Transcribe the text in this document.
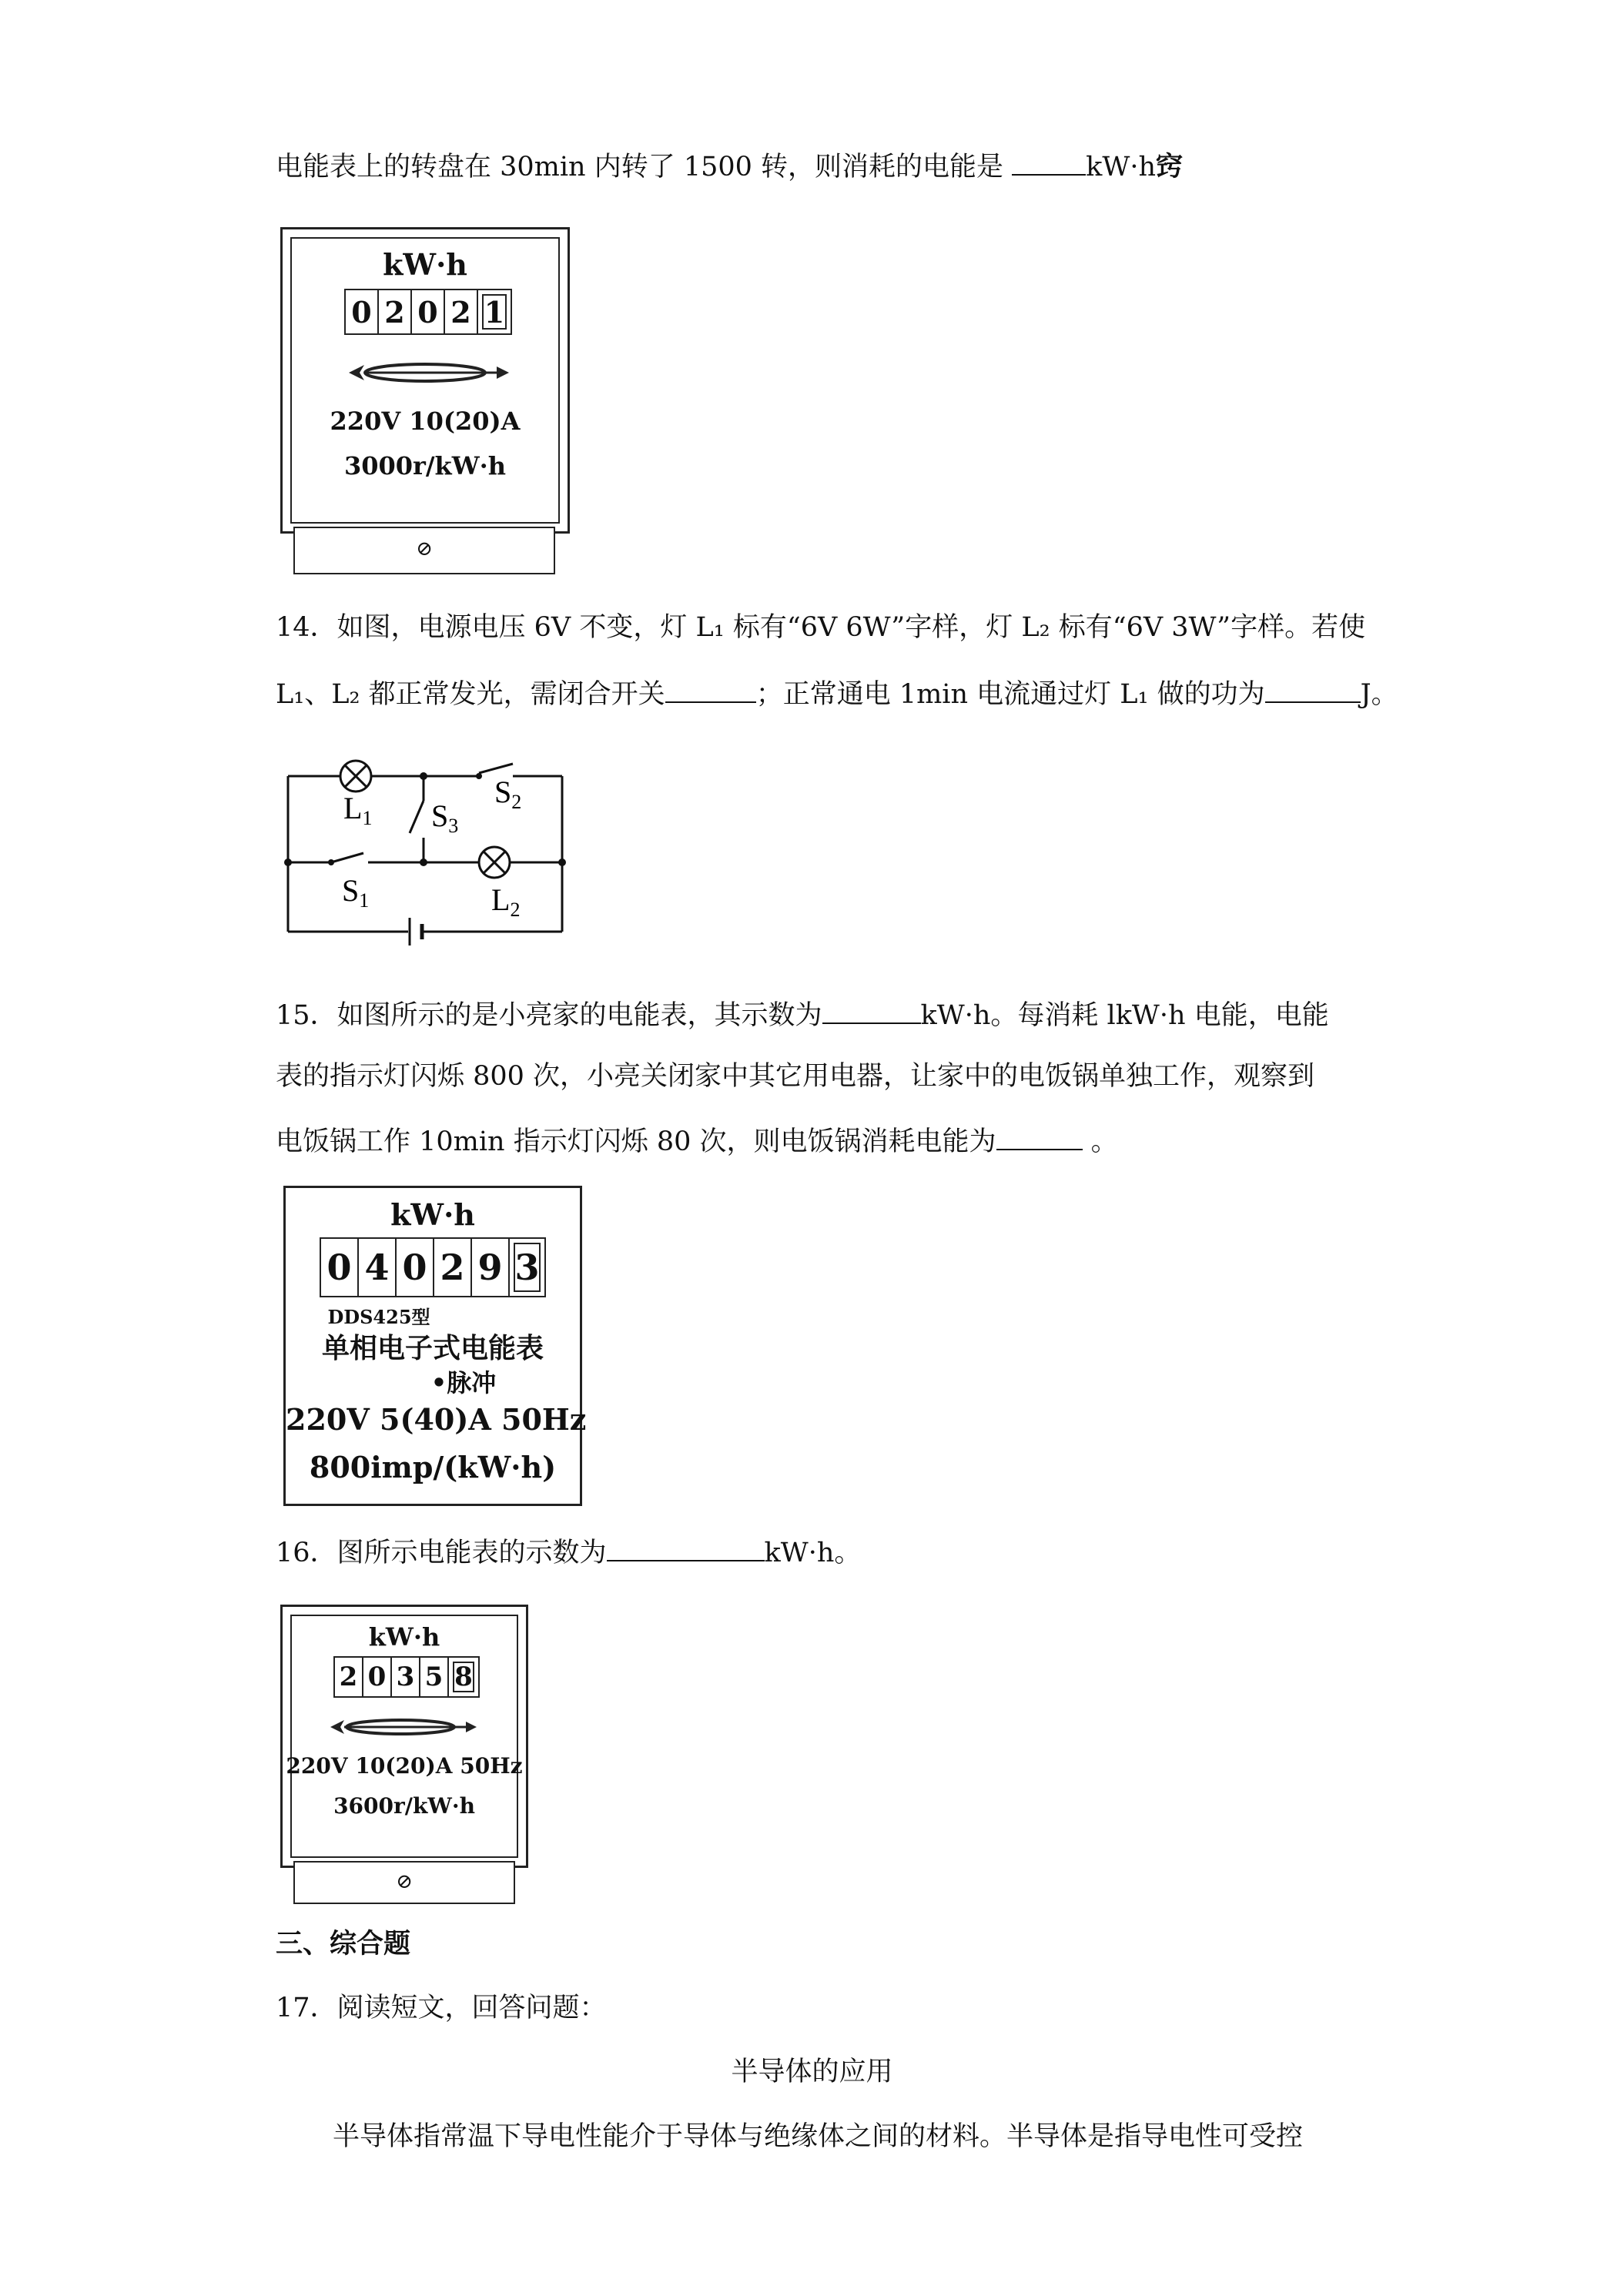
电能表上的转盘在 30min 内转了 1500 转，则消耗的电能是	kW·h窍
kW·h
0 2 0 2 1
220V 10(20)A
3000r/kW·h
⊘
14．如图，电源电压 6V 不变，灯 L₁ 标有“6V 6W”字样，灯 L₂ 标有“6V 3W”字样。若使
L₁、L₂ 都正常发光，需闭合开关	；正常通电 1min 电流通过灯 L₁ 做的功为	J。
$L_1$ $S_3$
$S_2$
$S_1$	$L_2$
15．如图所示的是小亮家的电能表，其示数为	kW·h。每消耗 lkW·h 电能，电能
表的指示灯闪烁 800 次，小亮关闭家中其它用电器，让家中的电饭锅单独工作，观察到
电饭锅工作 10min 指示灯闪烁 80 次，则电饭锅消耗电能为	。
kW·h
0 4 0 2 9 3
DDS425型
单相电子式电能表
•脉冲
220V 5(40)A 50Hz
800imp/(kW·h)
16．图所示电能表的示数为	kW·h。
kW·h
2 0 3 5 8
220V 10(20)A 50Hz
3600r/kW·h
⊘
三、综合题
17．阅读短文，回答问题：
半导体的应用
半导体指常温下导电性能介于导体与绝缘体之间的材料。半导体是指导电性可受控
